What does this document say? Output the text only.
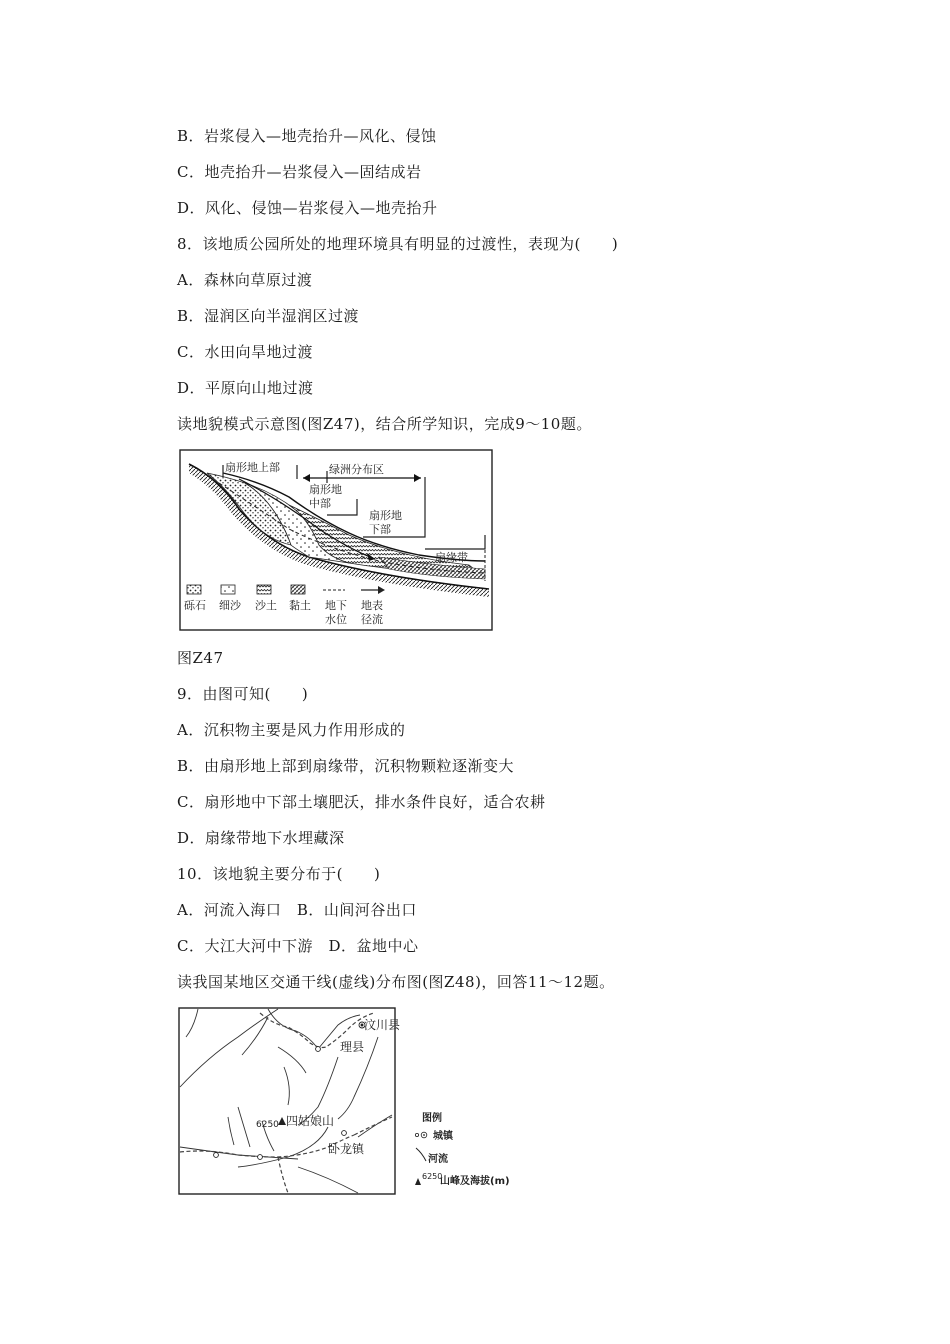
B．岩浆侵入—地壳抬升—风化、侵蚀
C．地壳抬升—岩浆侵入—固结成岩
D．风化、侵蚀—岩浆侵入—地壳抬升
8．该地质公园所处的地理环境具有明显的过渡性，表现为(　　)
A．森林向草原过渡
B．湿润区向半湿润区过渡
C．水田向旱地过渡
D．平原向山地过渡
读地貌模式示意图(图Z47)，结合所学知识，完成9～10题。
扇形地上部	绿洲分布区
扇形地
中部
扇形地
下部
扇缘带
砾石 细沙 沙土 黏土 地下
水位
地表
径流
图Z47
9．由图可知(　　)
A．沉积物主要是风力作用形成的
B．由扇形地上部到扇缘带，沉积物颗粒逐渐变大
C．扇形地中下部土壤肥沃，排水条件良好，适合农耕
D．扇缘带地下水埋藏深
10．该地貌主要分布于(　　)
A．河流入海口　B．山间河谷出口
C．大江大河中下游　D．盆地中心
读我国某地区交通干线(虚线)分布图(图Z48)，回答11～12题。
汶川县
理县
6250 四姑娘山
卧龙镇
图例
城镇
河流
6250
山峰及海拔(m)
